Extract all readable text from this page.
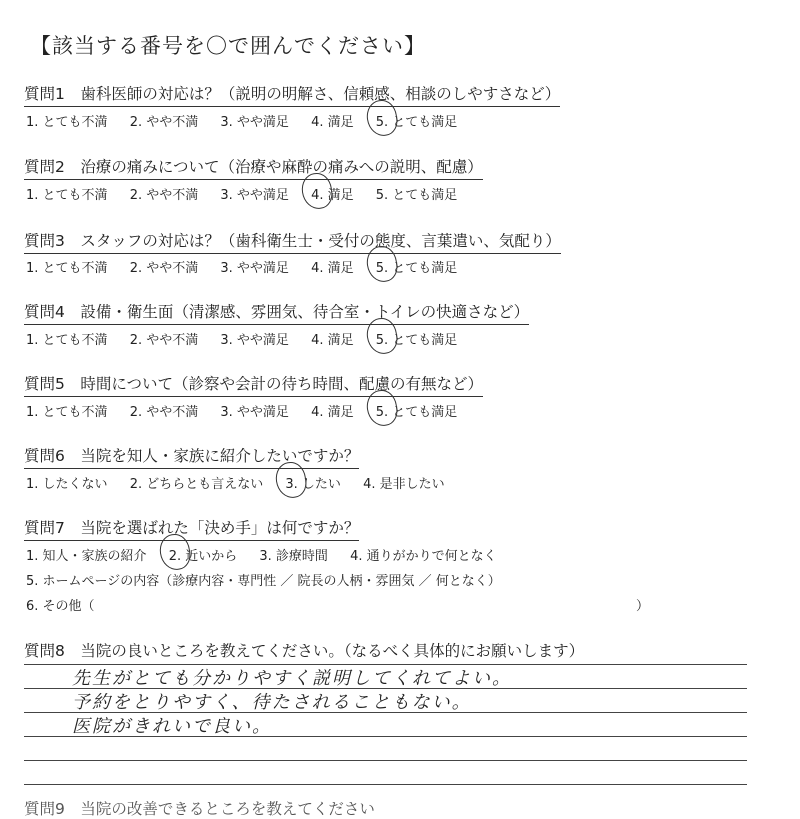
【該当する番号を〇で囲んでください】
質問1　歯科医師の対応は？（説明の明解さ、信頼感、相談のしやすさなど）
1. とても不満 2. やや不満 3. やや満足 4. 満足 5. とても満足
質問2　治療の痛みについて（治療や麻酔の痛みへの説明、配慮）
1. とても不満 2. やや不満 3. やや満足 4. 満足 5. とても満足
質問3　スタッフの対応は？（歯科衛生士・受付の態度、言葉遣い、気配り）
1. とても不満 2. やや不満 3. やや満足 4. 満足 5. とても満足
質問4　設備・衛生面（清潔感、雰囲気、待合室・トイレの快適さなど）
1. とても不満 2. やや不満 3. やや満足 4. 満足 5. とても満足
質問5　時間について（診察や会計の待ち時間、配慮の有無など）
1. とても不満 2. やや不満 3. やや満足 4. 満足 5. とても満足
質問6　当院を知人・家族に紹介したいですか？
1. したくない 2. どちらとも言えない 3. したい 4. 是非したい
質問7　当院を選ばれた「決め手」は何ですか？
1. 知人・家族の紹介 2. 近いから 3. 診療時間 4. 通りがかりで何となく
5. ホームページの内容（診療内容・専門性 ／ 院長の人柄・雰囲気 ／ 何となく）
6. その他（	）
質問8　当院の良いところを教えてください。（なるべく具体的にお願いします）
先生がとても分かりやすく説明してくれてよい。
予約をとりやすく、待たされることもない。
医院がきれいで良い。
質問9　当院の改善できるところを教えてください
